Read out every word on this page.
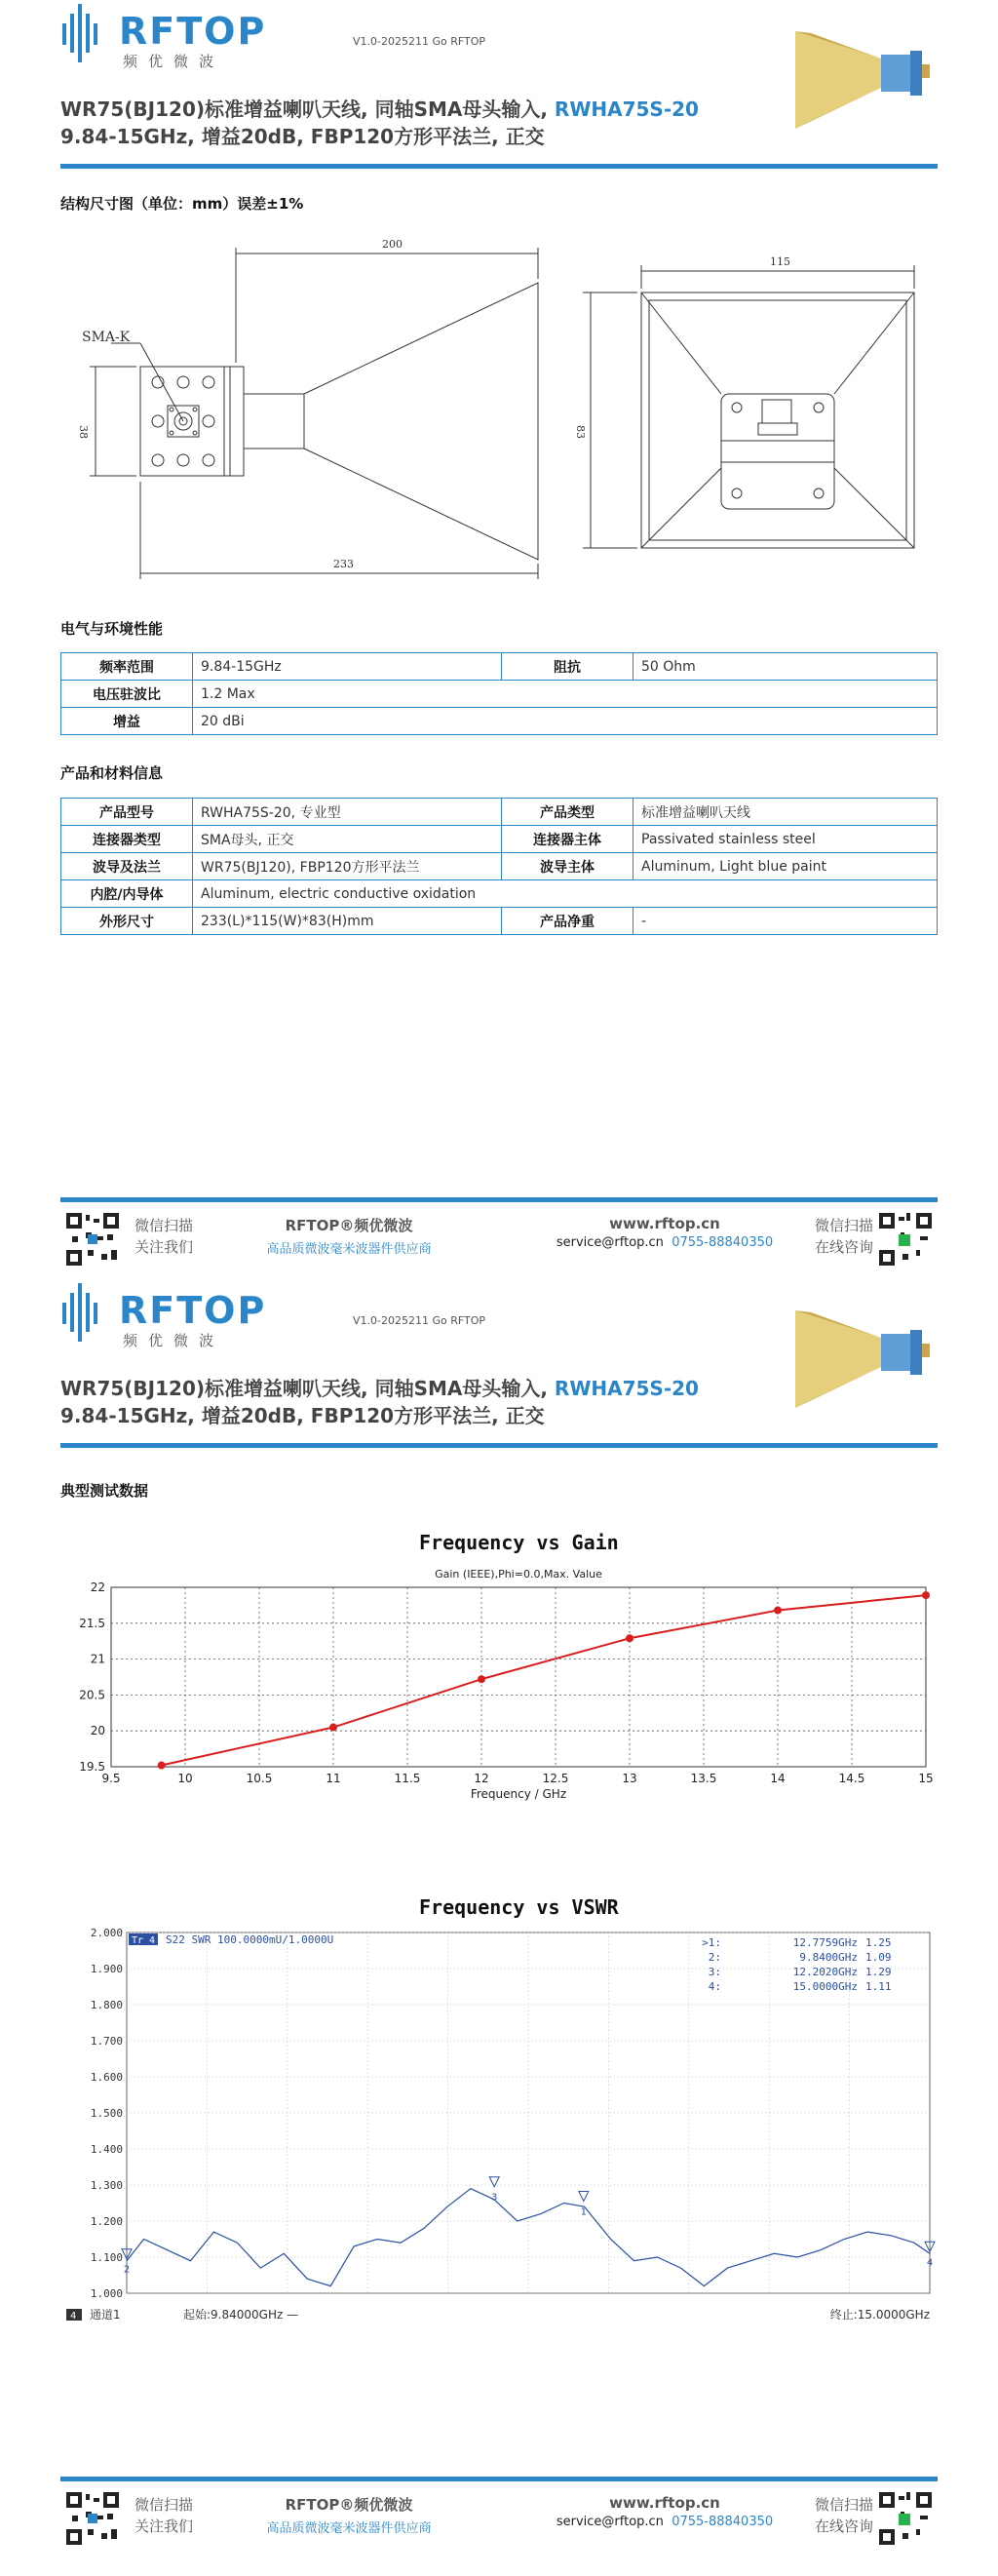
RFTOP
频优微波
V1.0-2025211 Go RFTOP
WR75(BJ120)标准增益喇叭天线, 同轴SMA母头输入, RWHA75S-20
9.84-15GHz, 增益20dB, FBP120方形平法兰, 正交
结构尺寸图（单位：mm）误差±1%
SMA-K
200
233
115
83
38
电气与环境性能
频率范围	9.84-15GHz	阻抗	50 Ohm
电压驻波比	1.2 Max		
增益	20 dBi		
产品和材料信息
产品型号	RWHA75S-20, 专业型	产品类型	标准增益喇叭天线
连接器类型	SMA母头, 正交	连接器主体	Passivated stainless steel
波导及法兰	WR75(BJ120), FBP120方形平法兰	波导主体	Aluminum, Light blue paint
内腔/内导体	Aluminum, electric conductive oxidation		
外形尺寸	233(L)*115(W)*83(H)mm	产品净重	-
微信扫描
关注我们
RFTOP®频优微波
高品质微波毫米波器件供应商
www.rftop.cn
service@rftop.cn 0755-88840350
微信扫描
在线咨询
RFTOP
频优微波
V1.0-2025211 Go RFTOP
WR75(BJ120)标准增益喇叭天线, 同轴SMA母头输入, RWHA75S-20
9.84-15GHz, 增益20dB, FBP120方形平法兰, 正交
典型测试数据
Frequency vs Gain
Gain (IEEE),Phi=0.0,Max. Value
9.5	10	10.5	11	11.5	12	12.5	13	13.5	14	14.5	15
19.5
20
20.5
21
21.5
22
Frequency / GHz
Frequency vs VSWR
2.000
1.900
1.800
1.700
1.600
1.500
1.400
1.300
1.200
1.100
1.000
Tr 4 S22 SWR 100.0000mU/1.0000U	>1:	12.7759GHz 1.25
2:	9.8400GHz 1.09
3:	12.2020GHz 1.29
4:	15.0000GHz 1.11
2
3
1
4
4 通道1	起始:9.84000GHz —	终止:15.0000GHz
微信扫描
关注我们
RFTOP®频优微波
高品质微波毫米波器件供应商
www.rftop.cn
service@rftop.cn 0755-88840350
微信扫描
在线咨询
